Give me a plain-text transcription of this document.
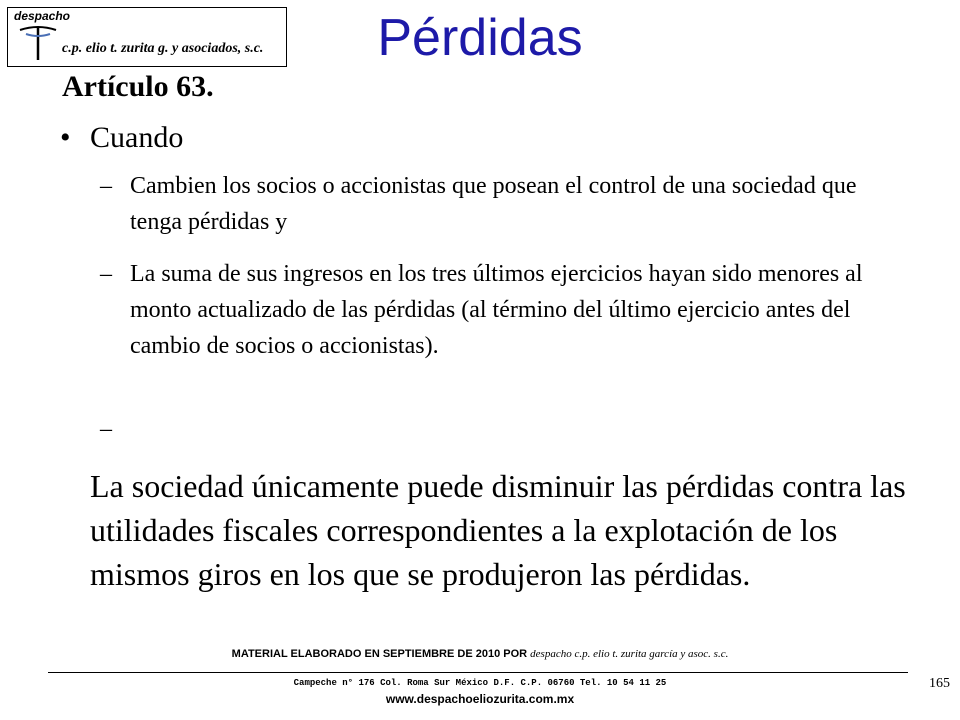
despacho
c.p. elio t. zurita g. y asociados, s.c.	Pérdidas
Artículo 63.
• Cuando
– Cambien los socios o accionistas que posean el control de una sociedad que tenga pérdidas y
– La suma de sus ingresos en los tres últimos ejercicios hayan sido menores al monto actualizado de las pérdidas (al término del último ejercicio antes del cambio de socios o accionistas).
–
La sociedad únicamente puede disminuir las pérdidas contra las utilidades fiscales correspondientes a la explotación de los mismos giros en los que se produjeron las pérdidas.
MATERIAL ELABORADO EN SEPTIEMBRE DE 2010 POR despacho c.p. elio t. zurita garcía y asoc. s.c.
Campeche n° 176 Col. Roma Sur México D.F. C.P. 06760 Tel. 10 54 11 25
www.despachoeliozurita.com.mx
165
